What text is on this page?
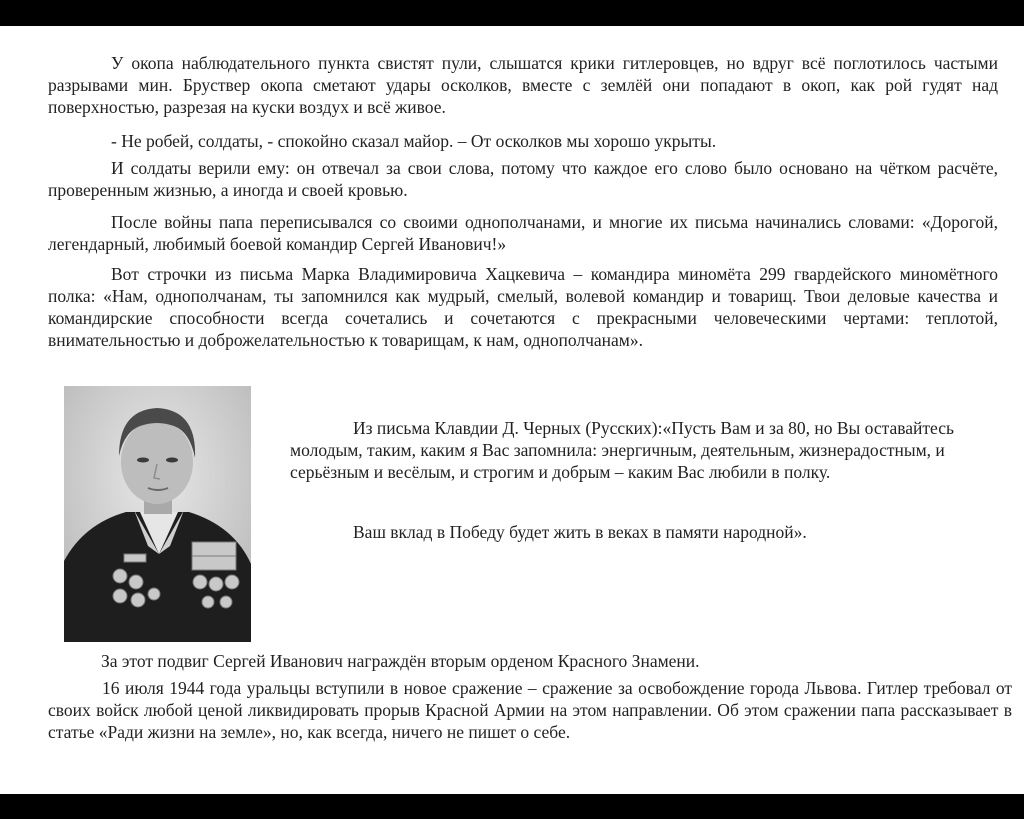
У окопа наблюдательного пункта свистят пули, слышатся крики гитлеровцев, но вдруг всё поглотилось частыми разрывами мин. Бруствер окопа сметают удары осколков, вместе с землёй они попадают в окоп, как рой гудят над поверхностью, разрезая на куски воздух и всё живое.

- Не робей, солдаты, - спокойно сказал майор. – От осколков мы хорошо укрыты.

И солдаты верили ему: он отвечал за свои слова, потому что каждое его слово было основано на чётком расчёте, проверенным жизнью, а иногда и своей кровью.

После войны папа переписывался со своими однополчанами, и многие их письма начинались словами: «Дорогой, легендарный, любимый боевой командир Сергей Иванович!»

Вот строчки из письма Марка Владимировича Хацкевича – командира миномёта 299 гвардейского миномётного полка: «Нам, однополчанам, ты запомнился как мудрый, смелый, волевой командир и товарищ. Твои деловые качества и командирские способности всегда сочетались и сочетаются с прекрасными человеческими чертами: теплотой, внимательностью и доброжелательностью к товарищам, к нам, однополчанам».

Из письма Клавдии Д. Черных (Русских):«Пусть Вам и за 80, но Вы оставайтесь молодым, таким, каким я Вас запомнила: энергичным, деятельным, жизнерадостным, и серьёзным и весёлым, и строгим и добрым – каким Вас любили в полку.

Ваш вклад в Победу будет жить в веках в памяти народной».

За этот подвиг Сергей Иванович награждён вторым орденом Красного Знамени.

16 июля 1944 года уральцы вступили в новое сражение – сражение за освобождение города Львова. Гитлер требовал от своих войск любой ценой ликвидировать прорыв Красной Армии на этом направлении. Об этом сражении папа рассказывает в статье «Ради жизни на земле», но, как всегда, ничего не пишет о себе.
